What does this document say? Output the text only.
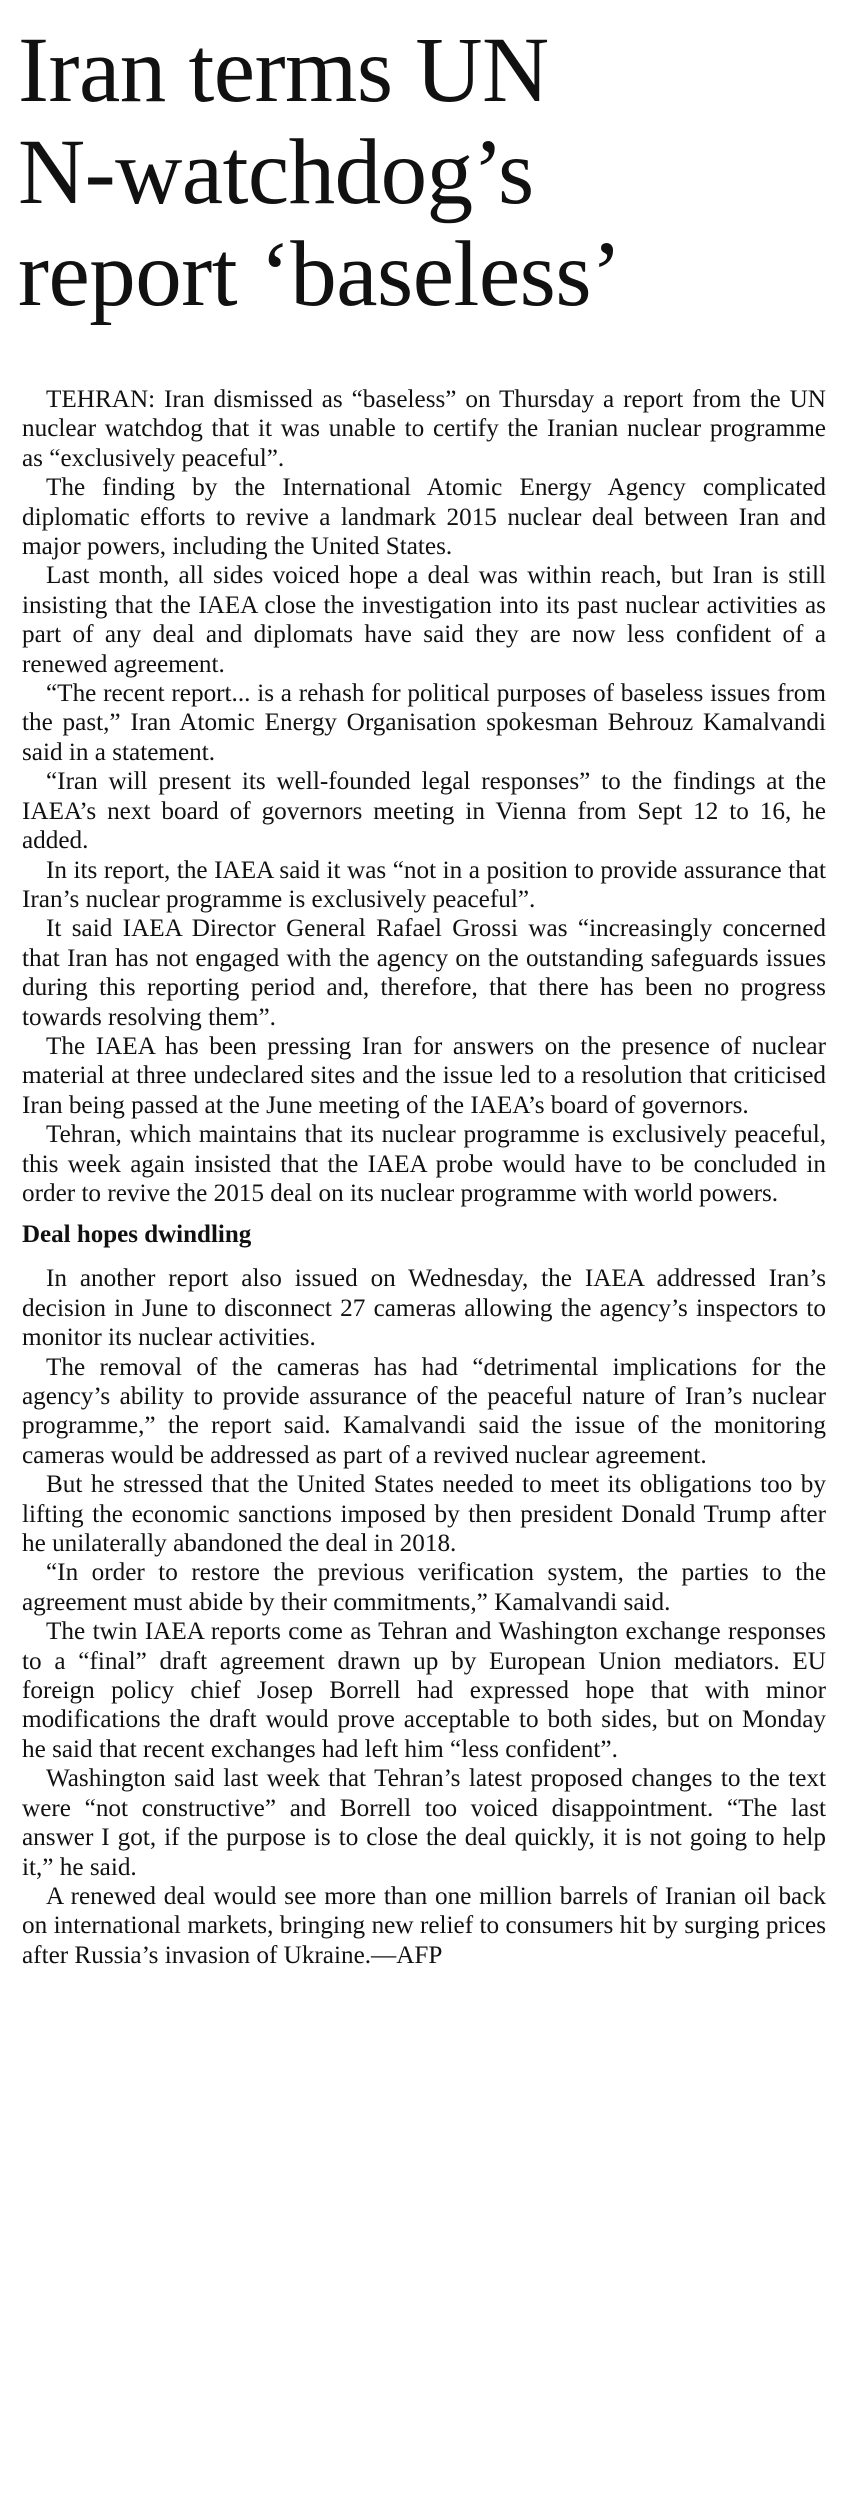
Iran terms UN
N-watchdog’s
report ‘baseless’

TEHRAN: Iran dismissed as “baseless” on Thursday a report from the UN nuclear watchdog that it was unable to certify the Iranian nuclear programme as “exclusively peaceful”.

The finding by the International Atomic Energy Agency complicated diplomatic efforts to revive a landmark 2015 nuclear deal between Iran and major powers, including the United States.

Last month, all sides voiced hope a deal was within reach, but Iran is still insisting that the IAEA close the investigation into its past nuclear activities as part of any deal and diplomats have said they are now less confident of a renewed agreement.

“The recent report... is a rehash for political purposes of baseless issues from the past,” Iran Atomic Energy Organisation spokesman Behrouz Kamalvandi said in a statement.

“Iran will present its well-founded legal responses” to the findings at the IAEA’s next board of governors meeting in Vienna from Sept 12 to 16, he added.

In its report, the IAEA said it was “not in a position to provide assurance that Iran’s nuclear programme is exclusively peaceful”.

It said IAEA Director General Rafael Grossi was “increasingly concerned that Iran has not engaged with the agency on the outstanding safeguards issues during this reporting period and, therefore, that there has been no progress towards resolving them”.

The IAEA has been pressing Iran for answers on the presence of nuclear material at three undeclared sites and the issue led to a resolution that criticised Iran being passed at the June meeting of the IAEA’s board of governors.

Tehran, which maintains that its nuclear programme is exclusively peaceful, this week again insisted that the IAEA probe would have to be concluded in order to revive the 2015 deal on its nuclear programme with world powers.

Deal hopes dwindling

In another report also issued on Wednesday, the IAEA addressed Iran’s decision in June to disconnect 27 cameras allowing the agency’s inspectors to monitor its nuclear activities.

The removal of the cameras has had “detrimental implications for the agency’s ability to provide assurance of the peaceful nature of Iran’s nuclear programme,” the report said. Kamalvandi said the issue of the monitoring cameras would be addressed as part of a revived nuclear agreement.

But he stressed that the United States needed to meet its obligations too by lifting the economic sanctions imposed by then president Donald Trump after he unilaterally abandoned the deal in 2018.

“In order to restore the previous verification system, the parties to the agreement must abide by their commitments,” Kamalvandi said.

The twin IAEA reports come as Tehran and Washington exchange responses to a “final” draft agreement drawn up by European Union mediators. EU foreign policy chief Josep Borrell had expressed hope that with minor modifications the draft would prove acceptable to both sides, but on Monday he said that recent exchanges had left him “less confident”.

Washington said last week that Tehran’s latest proposed changes to the text were “not constructive” and Borrell too voiced disappointment. “The last answer I got, if the purpose is to close the deal quickly, it is not going to help it,” he said.

A renewed deal would see more than one million barrels of Iranian oil back on international markets, bringing new relief to consumers hit by surging prices after Russia’s invasion of Ukraine.—AFP
